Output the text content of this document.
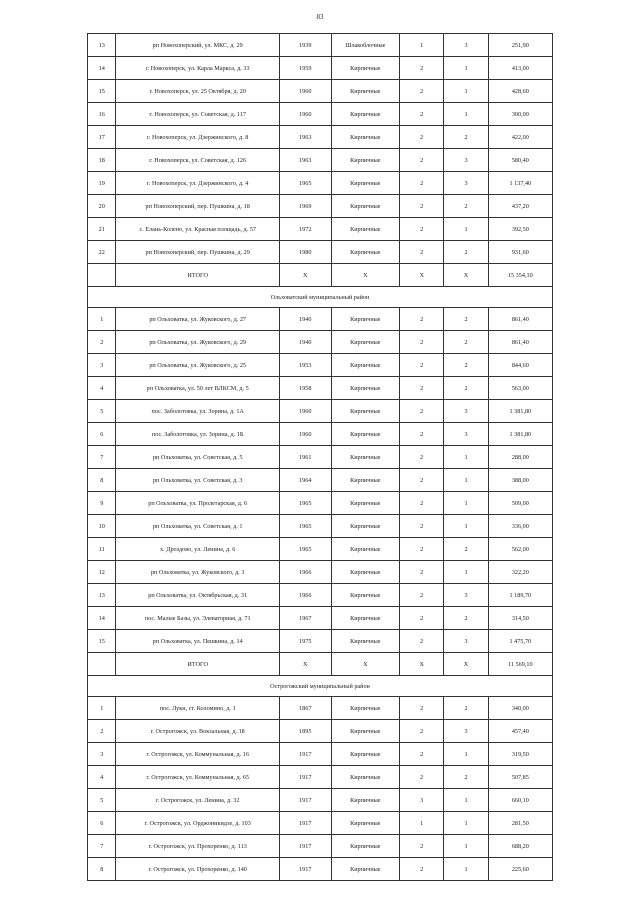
83
13	рп Новохоперский, ул. МКС, д. 29	1939	Шлакоблочные	1	3	251,90
14	г. Новохоперск, ул. Карла Маркса, д. 33	1959	Кирпичные	2	1	413,00
15	г. Новохоперск, ул. 25 Октября, д. 20	1960	Кирпичные	2	1	428,60
16	г. Новохоперск, ул. Советская, д. 117	1960	Кирпичные	2	1	300,00
17	г. Новохоперск, ул. Дзержинского, д. 8	1963	Кирпичные	2	2	422,00
18	г. Новохоперск, ул. Советская, д. 126	1963	Кирпичные	2	3	580,40
19	г. Новохоперск, ул. Дзержинского, д. 4	1965	Кирпичные	2	3	1 137,40
20	рп Новохоперский, пер. Пушкина, д. 18	1969	Кирпичные	2	2	437,20
21	с. Елань-Колено, ул. Красная площадь, д. 57	1972	Кирпичные	2	1	392,50
22	рп Новохоперский, пер. Пушкина, д. 29	1980	Кирпичные	2	2	931,60
	ИТОГО	Х	Х	Х	Х	15 354,10
Ольховатский муниципальный район						
1	рп Ольховатка, ул. Жуковского, д. 27	1940	Кирпичные	2	2	861,40
2	рп Ольховатка, ул. Жуковского, д. 29	1940	Кирпичные	2	2	861,40
3	рп Ольховатка, ул. Жуковского, д. 25	1953	Кирпичные	2	2	844,60
4	рп Ольховатка, ул. 50 лет ВЛКСМ, д. 5	1958	Кирпичные	2	2	563,00
5	пос. Заболотовка, ул. Зорина, д. 1А	1960	Кирпичные	2	3	1 381,80
6	пос. Заболотовка, ул. Зорина, д. 1Б	1960	Кирпичные	2	3	1 381,80
7	рп Ольховатка, ул. Советская, д. 5	1961	Кирпичные	2	1	288,00
8	рп Ольховатка, ул. Советская, д. 3	1964	Кирпичные	2	1	388,00
9	рп Ольховатка, ул. Пролетарская, д. 6	1965	Кирпичные	2	1	509,00
10	рп Ольховатка, ул. Советская, д. 1	1965	Кирпичные	2	1	336,00
11	х. Дроздово, ул. Ленина, д. 6	1965	Кирпичные	2	2	562,00
12	рп Ольховатка, ул. Жуковского, д. 3	1966	Кирпичные	2	1	322,20
13	рп Ольховатка, ул. Октябрьская, д. 31	1966	Кирпичные	2	3	1 189,70
14	пос. Малые Базы, ул. Элеваторная, д. 71	1967	Кирпичные	2	2	314,50
15	рп Ольховатка, ул. Пешкина, д. 14	1975	Кирпичные	2	3	1 475,70
	ИТОГО	Х	Х	Х	Х	11 569,10
Острогожский муниципальный район						
1	пос. Луки, ст. Коломино, д. 1	1867	Кирпичные	2	2	340,00
2	г. Острогожск, ул. Вокзальная, д. 18	1895	Кирпичные	2	3	457,40
3	г. Острогожск, ул. Коммунальная, д. 16	1917	Кирпичные	2	1	319,50
4	г. Острогожск, ул. Коммунальная, д. 65	1917	Кирпичные	2	2	507,85
5	г. Острогожск, ул. Ленина, д. 32	1917	Кирпичные	3	1	660,10
6	г. Острогожск, ул. Орджоникидзе, д. 103	1917	Кирпичные	1	1	281,50
7	г. Острогожск, ул. Прохоренко, д. 113	1917	Кирпичные	2	1	688,20
8	г. Острогожск, ул. Прохоренко, д. 140	1917	Кирпичные	2	1	225,60
